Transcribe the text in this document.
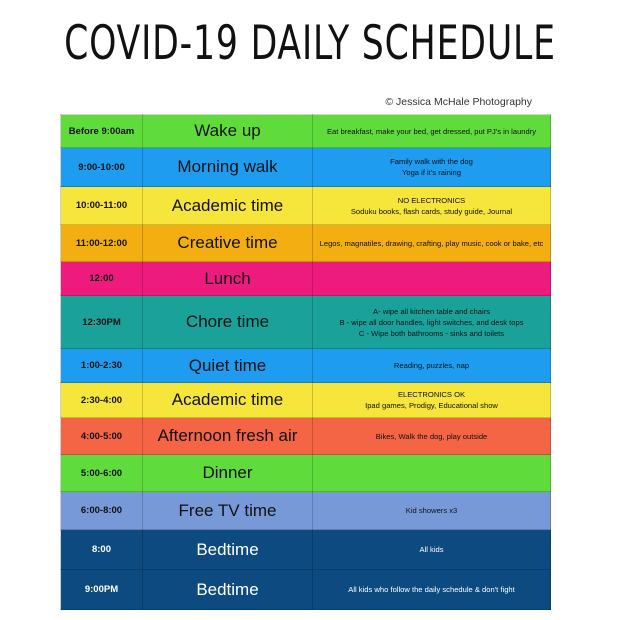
COVID-19 DAILY SCHEDULE
© Jessica McHale Photography
Before 9:00am	Wake up	Eat breakfast, make your bed, get dressed, put PJ's in laundry

9:00-10:00	Morning walk	Family walk with the dog
Yoga if it's raining

10:00-11:00	Academic time	NO ELECTRONICS
Soduku books, flash cards, study guide, Journal

11:00-12:00	Creative time	Legos, magnatiles, drawing, crafting, play music, cook or bake, etc

12:00	Lunch	
12:30PM	Chore time	A- wipe all kitchen table and chairs
B - wipe all door handles, light switches, and desk tops
C - Wipe both bathrooms - sinks and toilets

1:00-2:30	Quiet time	Reading, puzzles, nap

2:30-4:00	Academic time	ELECTRONICS OK
Ipad games, Prodigy, Educational show

4:00-5:00	Afternoon fresh air	Bikes, Walk the dog, play outside

5:00-6:00	Dinner	
6:00-8:00	Free TV time	Kid showers x3

8:00	Bedtime	All kids

9:00PM	Bedtime	All kids who follow the daily schedule & don't fight
